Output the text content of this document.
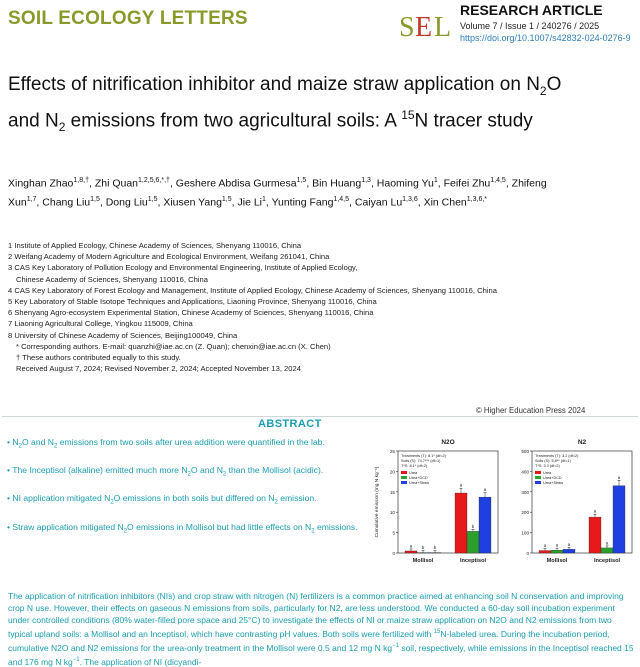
SOIL ECOLOGY LETTERS	S E L
RESEARCH ARTICLE
Volume 7 / Issue 1 / 240276 / 2025
https://doi.org/10.1007/s42832-024-0276-9
Effects of nitrification inhibitor and maize straw application on $N_2O$ and $N_2$ emissions from two agricultural soils: A $^{15}$N tracer study
Xinghan Zhao$^{1,8,\dagger}$, Zhi Quan$^{1,2,5,6,*,\dagger}$, Geshere Abdisa Gurmesa$^{1,5}$, Bin Huang$^{1,3}$, Haoming Yu$^1$, Feifei Zhu$^{1,4,5}$, Zhifeng Xun$^{1,7}$, Chang Liu$^{1,5}$, Dong Liu$^{1,5}$, Xiusen Yang$^{1,5}$, Jie Li$^1$, Yunting Fang$^{1,4,5}$, Caiyan Lu$^{1,3,6}$, Xin Chen$^{1,3,6,*}$
1 Institute of Applied Ecology, Chinese Academy of Sciences, Shenyang 110016, China
2 Weifang Academy of Modern Agriculture and Ecological Environment, Weifang 261041, China
3 CAS Key Laboratory of Pollution Ecology and Environmental Engineering, Institute of Applied Ecology,
Chinese Academy of Sciences, Shenyang 110016, China
4 CAS Key Laboratory of Forest Ecology and Management, Institute of Applied Ecology, Chinese Academy of Sciences, Shenyang 110016, China
5 Key Laboratory of Stable Isotope Techniques and Applications, Liaoning Province, Shenyang 110016, China
6 Shenyang Agro-ecosystem Experimental Station, Chinese Academy of Sciences, Shenyang 110016, China
7 Liaoning Agricultural College, Yingkou 115009, China
8 University of Chinese Academy of Sciences, Beijing100049, China
* Corresponding authors. E-mail: quanzhi@iae.ac.cn (Z. Quan); chenxin@iae.ac.cn (X. Chen)
† These authors contributed equally to this study.
Received August 7, 2024; Revised November 2, 2024; Accepted November 13, 2024
© Higher Education Press 2024
ABSTRACT
• $N_2O$ and $N_2$ emissions from two soils after urea addition were quantified in the lab.
• The Inceptisol (alkaline) emitted much more $N_2O$ and $N_2$ than the Mollisol (acidic).
• NI application mitigated $N_2O$ emissions in both soils but differed on $N_2$ emission.
• Straw application mitigated $N_2O$ emissions in Mollisol but had little effects on $N_2$ emissions.
N2O
0
5
10
15
20
25
Cumulative emission (mg N kg⁻¹)
Treatments (T): 8.1* (df=2)
Soils (S): 74.7*** (df=1)
T*S: 8.1* (df=2)
Urea
Urea+DCD
Urea+Straw
a b b
Mollisol
a
b
a
Inceptisol
N2
0
100
200
300
400
500
Treatments (T): 3.2 (df=2)
Soils (S): 5.8** (df=1)
T*S: 3.3 (df=2)
Urea
Urea+DCD
Urea+Straw
a a a
Mollisol
a
a
a
Inceptisol
The application of nitrification inhibitors (NIs) and crop straw with nitrogen (N) fertilizers is a common practice aimed at enhancing soil N conservation and improving crop N use. However, their effects on gaseous N emissions from soils, particularly for N2, are less understood. We conducted a 60-day soil incubation experiment under controlled conditions (80% water-filled pore space and 25°C) to investigate the effects of NI or maize straw application on N2O and N2 emissions from two typical upland soils: a Mollisol and an Inceptisol, which have contrasting pH values. Both soils were fertilized with $^{15}$N-labeled urea. During the incubation period, cumulative N2O and N2 emissions for the urea-only treatment in the Mollisol were 0.5 and 12 mg N $kg^{-1}$ soil, respectively, while emissions in the Inceptisol reached 15 and 176 mg N $kg^{-1}$. The application of NI (dicyandi-
